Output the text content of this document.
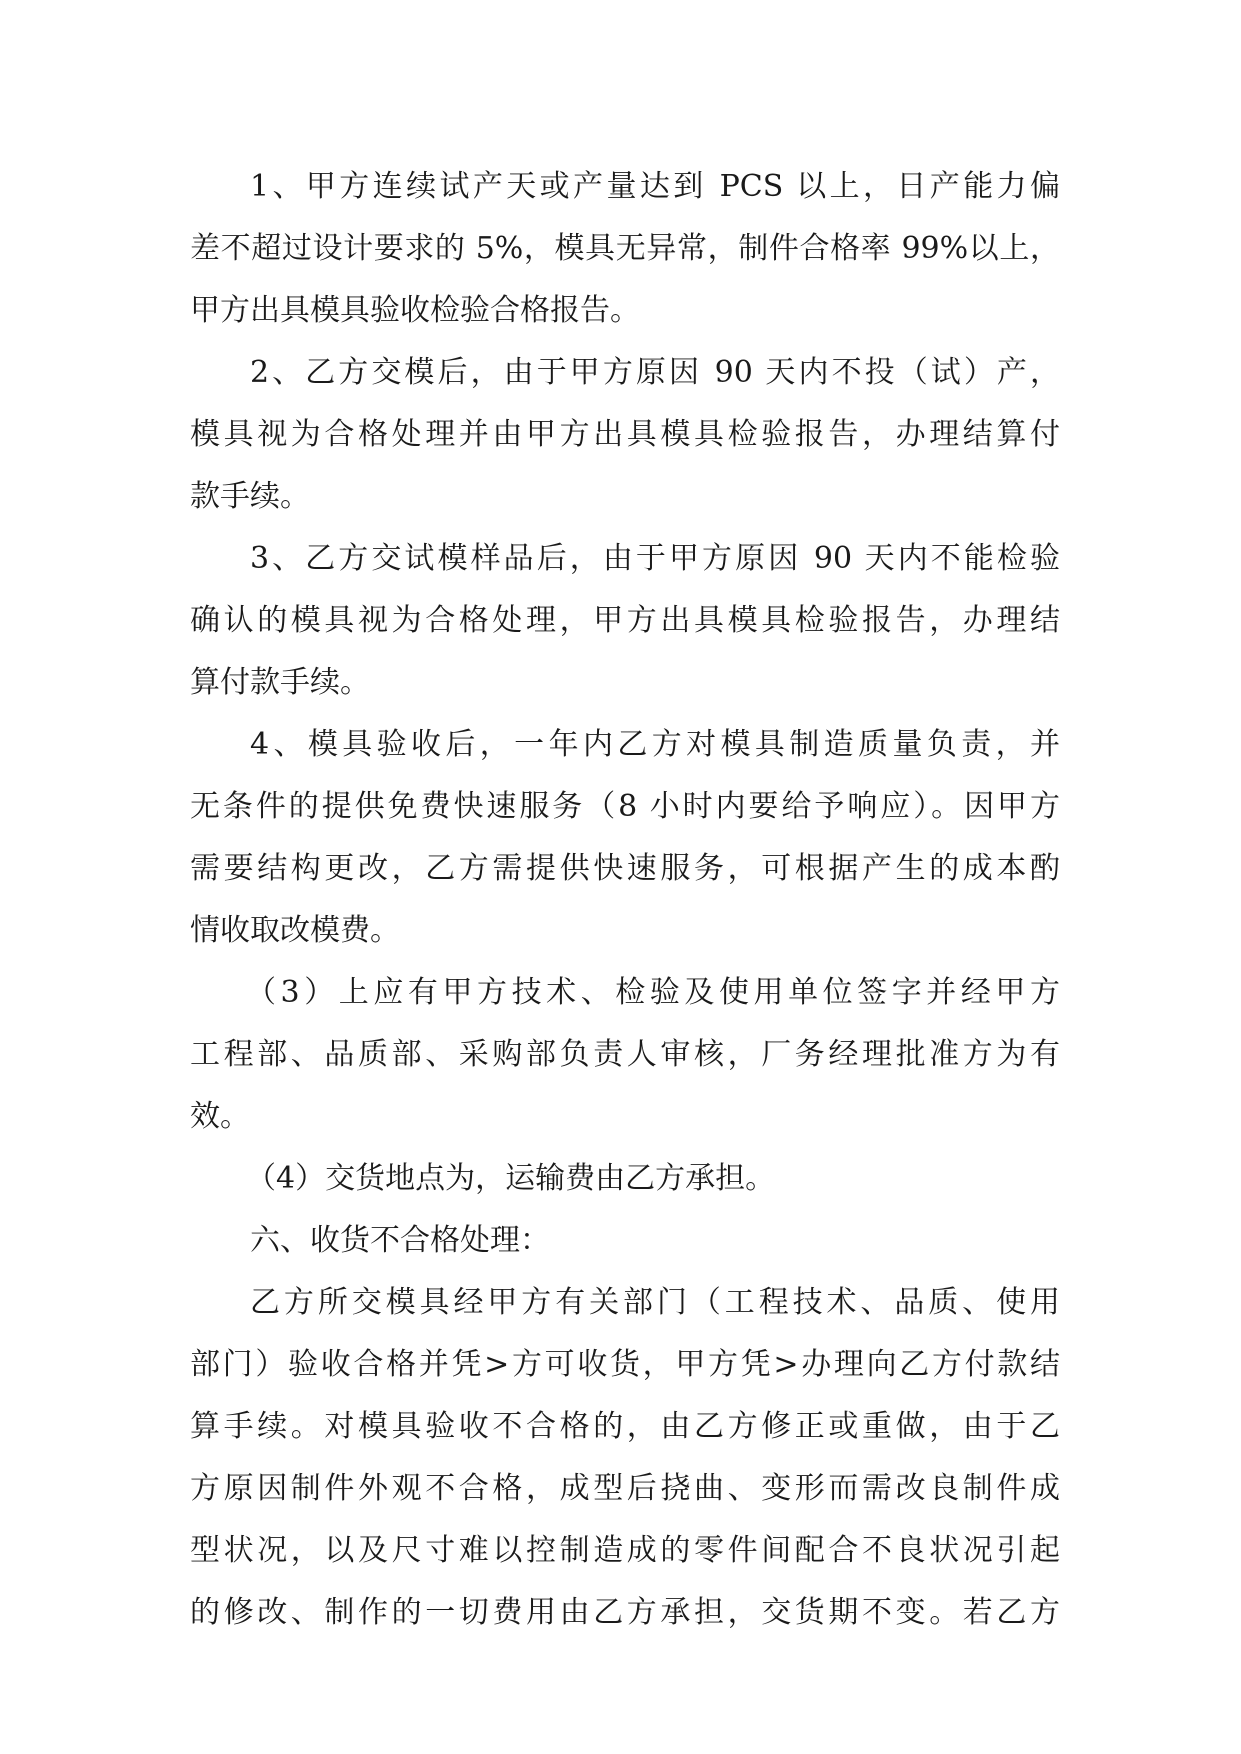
1、甲方连续试产天或产量达到 PCS 以上，日产能力偏
差不超过设计要求的 5%，模具无异常，制件合格率 99%以上，
甲方出具模具验收检验合格报告。
2、乙方交模后，由于甲方原因 90 天内不投（试）产，
模具视为合格处理并由甲方出具模具检验报告，办理结算付
款手续。
3、乙方交试模样品后，由于甲方原因 90 天内不能检验
确认的模具视为合格处理，甲方出具模具检验报告，办理结
算付款手续。
4、模具验收后，一年内乙方对模具制造质量负责，并
无条件的提供免费快速服务（8 小时内要给予响应）。因甲方
需要结构更改，乙方需提供快速服务，可根据产生的成本酌
情收取改模费。
（3）上应有甲方技术、检验及使用单位签字并经甲方
工程部、品质部、采购部负责人审核，厂务经理批准方为有
效。
（4）交货地点为，运输费由乙方承担。
六、收货不合格处理：
乙方所交模具经甲方有关部门（工程技术、品质、使用
部门）验收合格并凭>方可收货，甲方凭>办理向乙方付款结
算手续。对模具验收不合格的，由乙方修正或重做，由于乙
方原因制件外观不合格，成型后挠曲、变形而需改良制件成
型状况，以及尺寸难以控制造成的零件间配合不良状况引起
的修改、制作的一切费用由乙方承担，交货期不变。若乙方
